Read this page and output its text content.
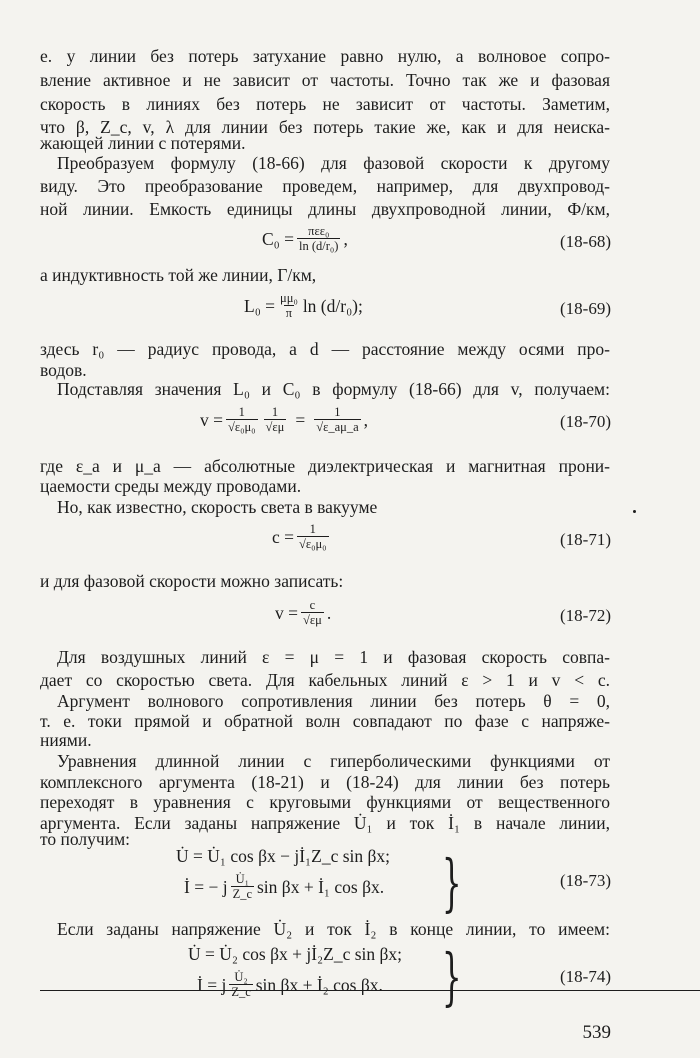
е. у линии без потерь затухание равно нулю, а волновое сопро-
вление активное и не зависит от частоты. Точно так же и фазовая
скорость в линиях без потерь не зависит от частоты. Заметим,
что β, Z_c, v, λ для линии без потерь такие же, как и для неиска-
жающей линии с потерями.
Преобразуем формулу (18-66) для фазовой скорости к другому
виду. Это преобразование проведем, например, для двухпровод-
ной линии. Емкость единицы длины двухпроводной линии, Ф/км,
$C_0 = \frac{\text{πεε₀}}{\text{ln (d/r₀)}}$ ,	(18-68)
а индуктивность той же линии, Г/км,
$L_0 = \frac{\text{μμ₀}}{\pi}$ ln (d/r₀);	(18-69)
здесь r₀ — радиус провода, а d — расстояние между осями про-
водов.
Подставляя значения L₀ и C₀ в формулу (18-66) для v, получаем:
$v = \frac{1}{\text{√ε₀μ₀}} \frac{1}{√\varepsilon\mu} = \frac{1}{√\varepsilon\_a\mu\_a}$ ,	(18-70)
где ε_a и μ_a — абсолютные диэлектрическая и магнитная прони-
цаемости среды между проводами.
Но, как известно, скорость света в вакууме
$c = \frac{1}{\text{√ε₀μ₀}}$	(18-71)
и для фазовой скорости можно записать:
$v = \frac{c}{√\varepsilon\mu}$ .	(18-72)
Для воздушных линий ε = μ = 1 и фазовая скорость совпа-
дает со скоростью света. Для кабельных линий ε > 1 и v < c.
Аргумент волнового сопротивления линии без потерь θ = 0,
т. е. токи прямой и обратной волн совпадают по фазе с напряже-
ниями.
Уравнения длинной линии с гиперболическими функциями от
комплексного аргумента (18-21) и (18-24) для линии без потерь
переходят в уравнения с круговыми функциями от вещественного
аргумента. Если заданы напряжение U̇₁ и ток İ₁ в начале линии,
то получим:
U̇ = U̇₁ cos βx − jİ₁Z_c sin βx;
İ = − j $\frac{\text{U̇₁}}{Z\_c}$ sin βx + İ₁ cos βx. }	(18-73)
Если заданы напряжение U̇₂ и ток İ₂ в конце линии, то имеем:
U̇ = U̇₂ cos βx + jİ₂Z_c sin βx;
İ = j $\frac{\text{U̇₂}}{Z\_c}$ sin βx + İ₂ cos βx. }	(18-74)
539
